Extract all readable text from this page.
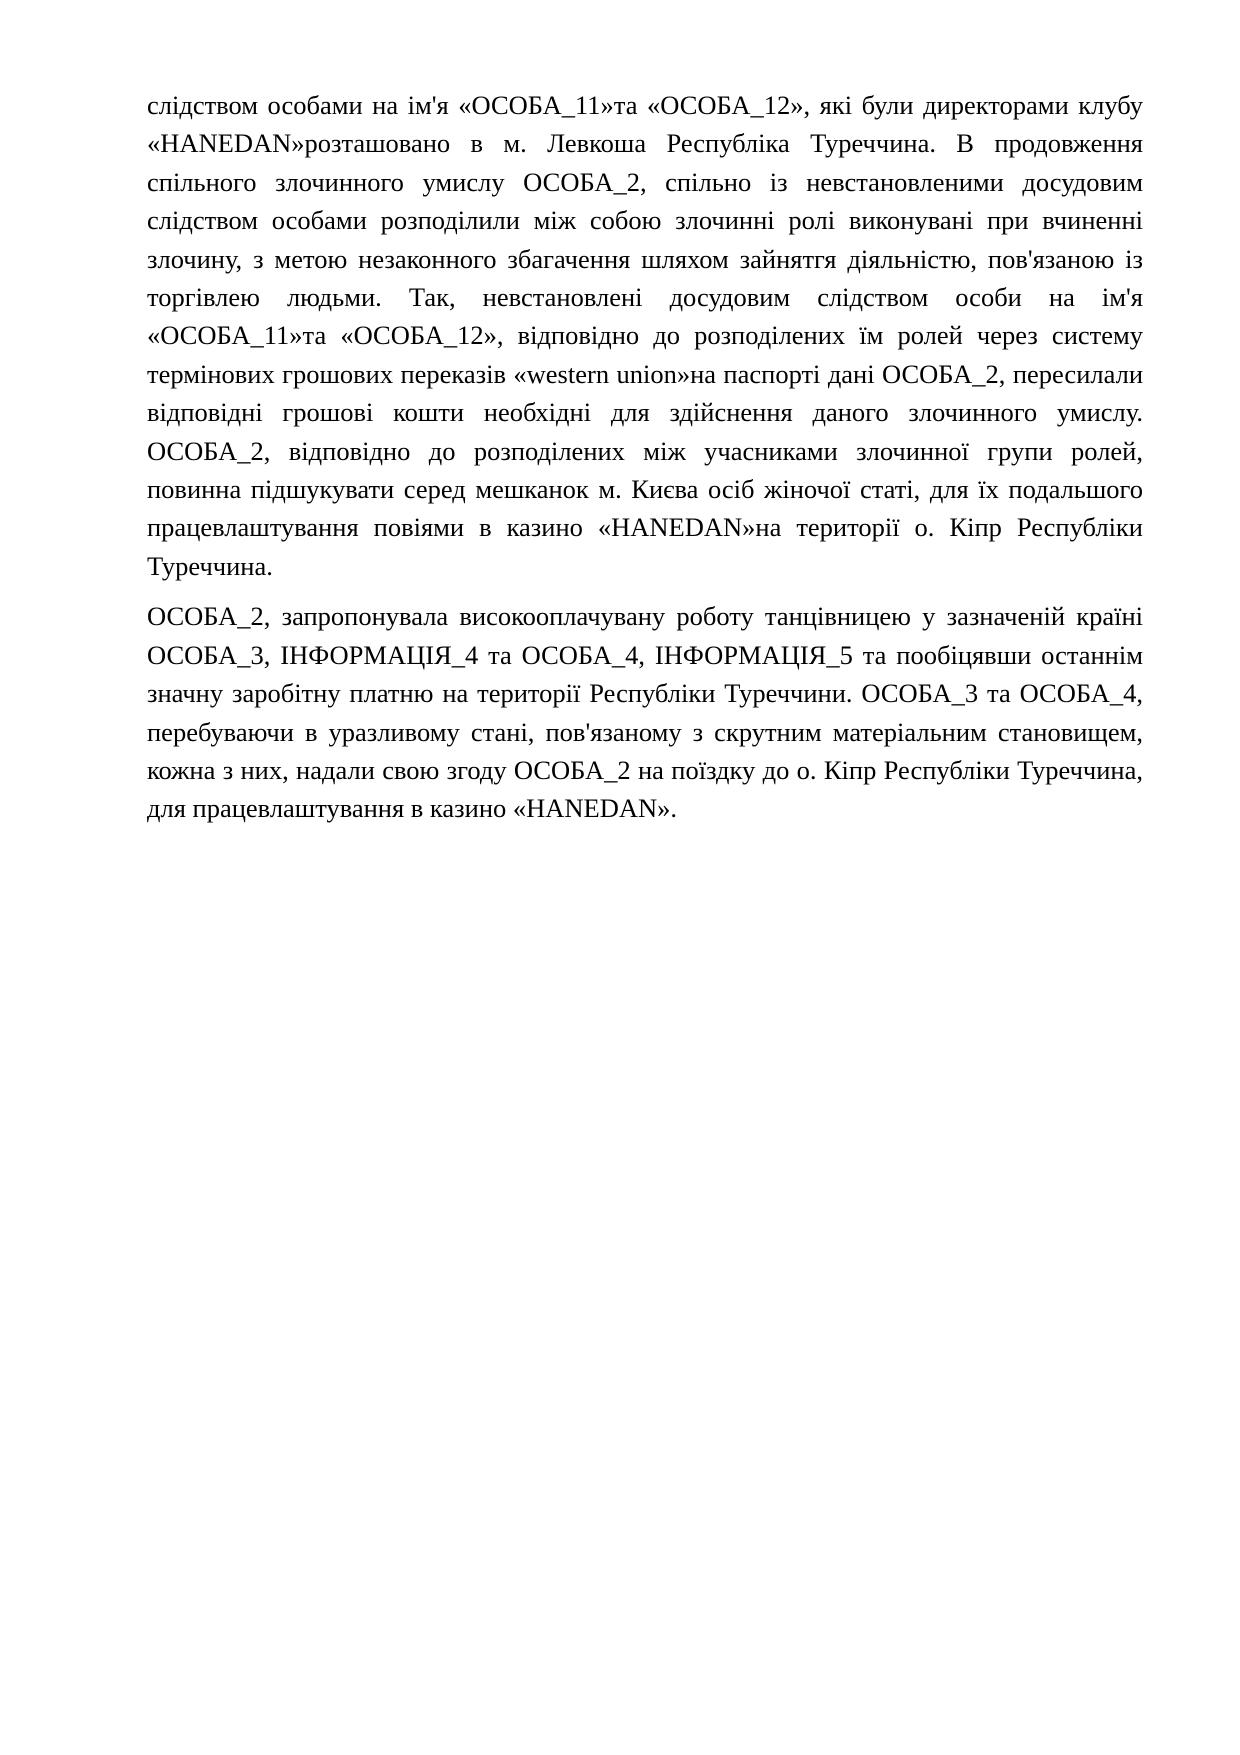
слідством особами на ім'я «ОСОБА_11»та «ОСОБА_12», які були директорами клубу «HANEDAN»розташовано в м. Левкоша Республіка Туреччина. В продовження спільного злочинного умислу ОСОБА_2, спільно із невстановленими досудовим слідством особами розподілили між собою злочинні ролі виконувані при вчиненні злочину, з метою незаконного збагачення шляхом зайнятгя діяльністю, пов'язаною із торгівлею людьми. Так, невстановлені досудовим слідством особи на ім'я «ОСОБА_11»та «ОСОБА_12», відповідно до розподілених їм ролей через систему термінових грошових переказів «western union»на паспорті дані ОСОБА_2, пересилали відповідні грошові кошти необхідні для здійснення даного злочинного умислу. ОСОБА_2, відповідно до розподілених між учасниками злочинної групи ролей, повинна підшукувати серед мешканок м. Києва осіб жіночої статі, для їх подальшого працевлаштування повіями в казино «HANEDAN»на території о. Кіпр Республіки Туреччина.

ОСОБА_2, запропонувала високооплачувану роботу танцівницею у зазначеній країні ОСОБА_3, ІНФОРМАЦІЯ_4 та ОСОБА_4, ІНФОРМАЦІЯ_5 та пообіцявши останнім значну заробітну платню на території Республіки Туреччини. ОСОБА_3 та ОСОБА_4, перебуваючи в уразливому стані, пов'язаному з скрутним матеріальним становищем, кожна з них, надали свою згоду ОСОБА_2 на поїздку до о. Кіпр Республіки Туреччина, для працевлаштування в казино «HANEDAN».
